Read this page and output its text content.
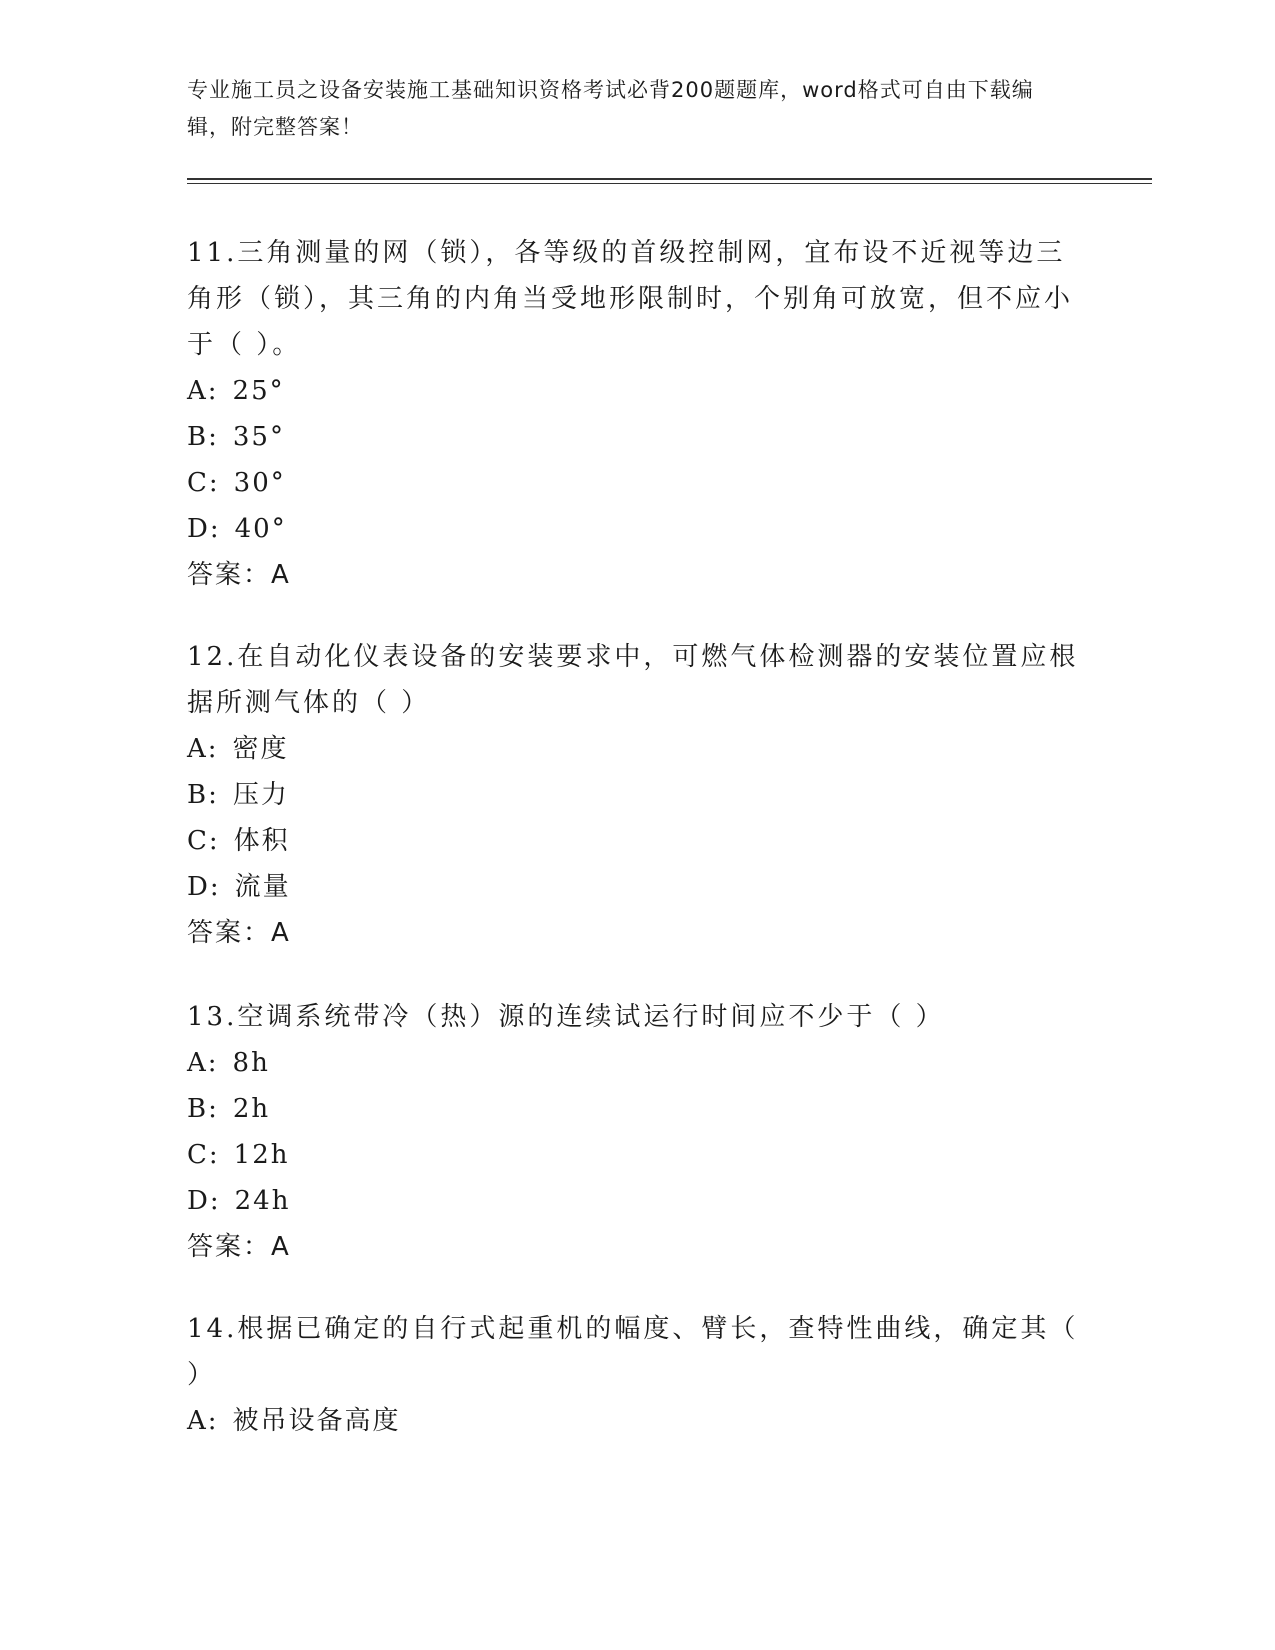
专业施工员之设备安装施工基础知识资格考试必背200题题库，word格式可自由下载编辑，附完整答案！

11.三角测量的网（锁），各等级的首级控制网，宜布设不近视等边三角形（锁），其三角的内角当受地形限制时，个别角可放宽，但不应小于（ ）。

A: 25°

B: 35°

C: 30°

D: 40°

答案：A

12.在自动化仪表设备的安装要求中，可燃气体检测器的安装位置应根据所测气体的（ ）

A: 密度

B: 压力

C: 体积

D: 流量

答案：A

13.空调系统带冷（热）源的连续试运行时间应不少于（ ）

A: 8h

B: 2h

C: 12h

D: 24h

答案：A

14.根据已确定的自行式起重机的幅度、臂长，查特性曲线，确定其（ ）

A: 被吊设备高度
